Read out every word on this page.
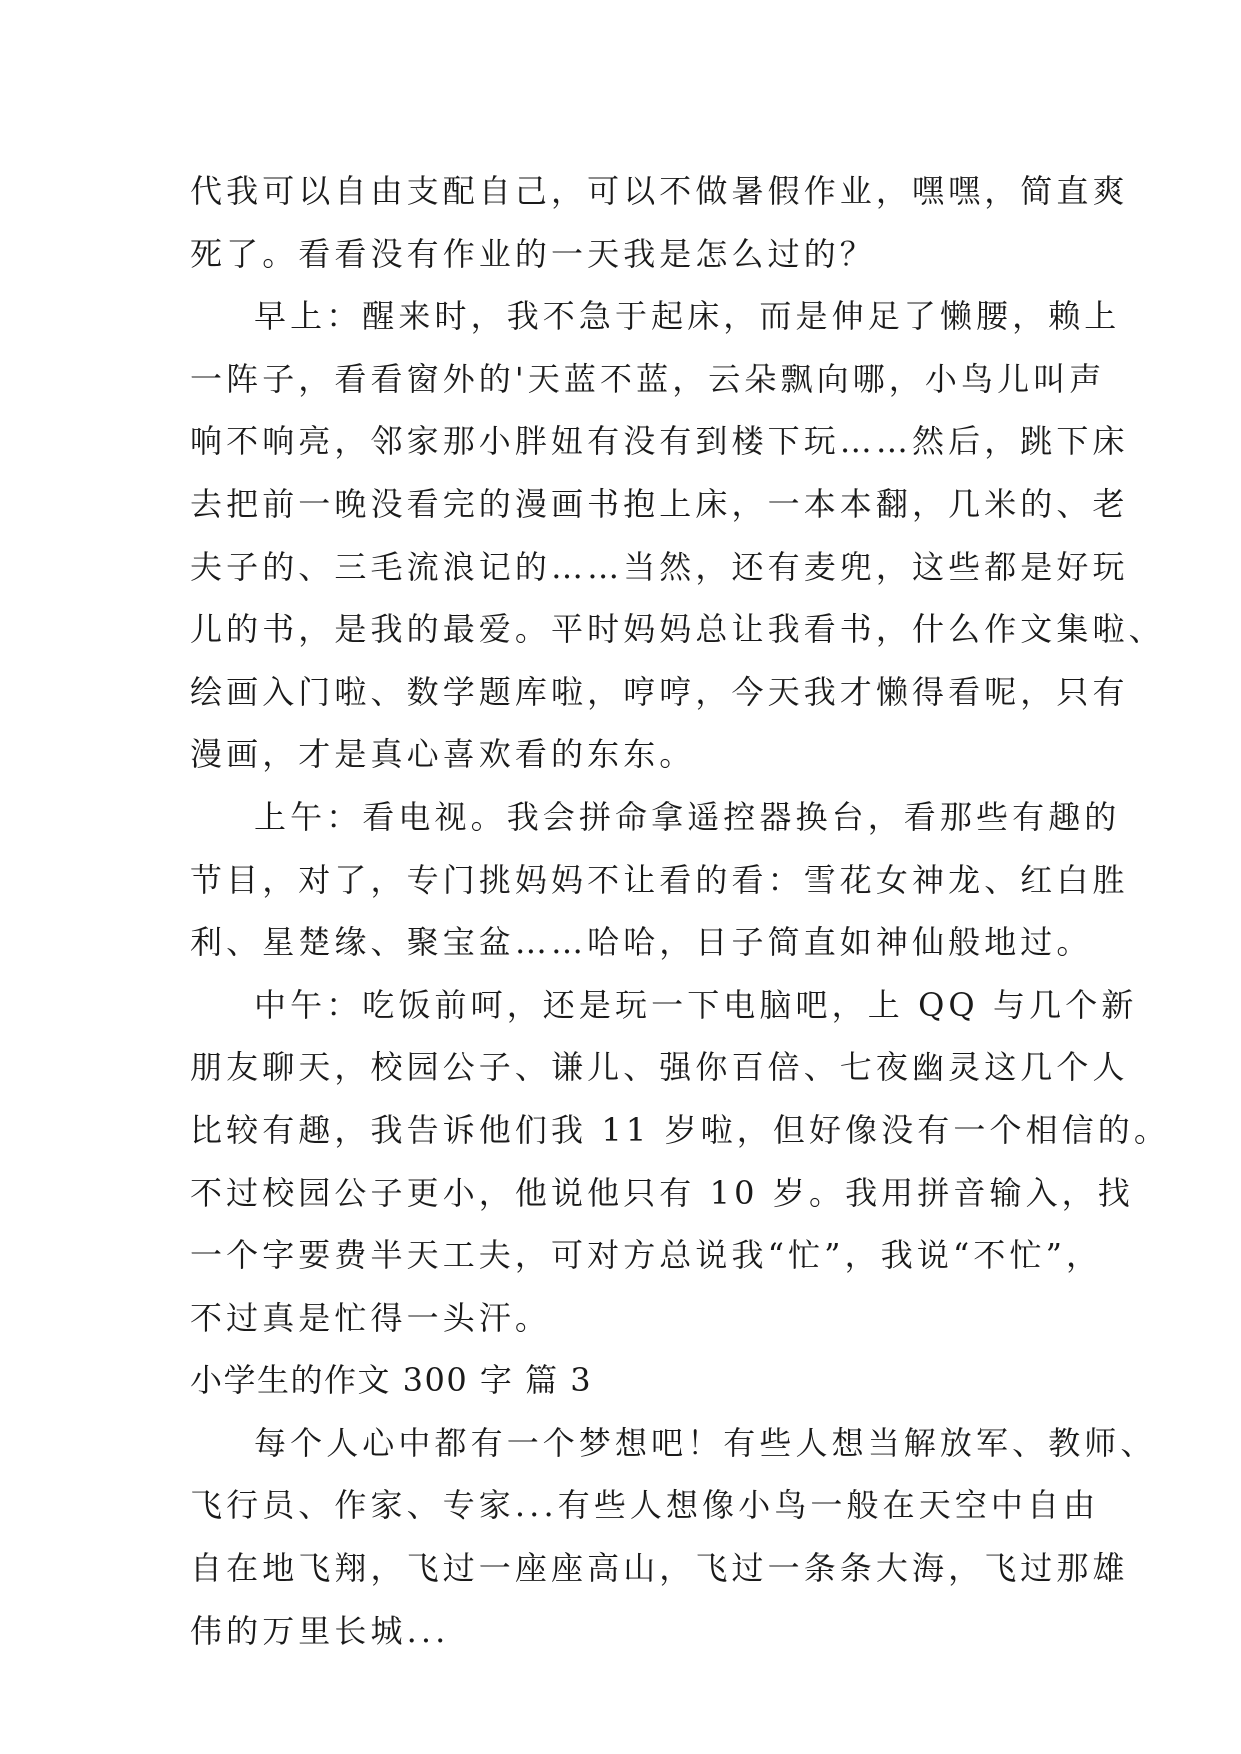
代我可以自由支配自己，可以不做暑假作业，嘿嘿，简直爽
死了。看看没有作业的一天我是怎么过的？
早上：醒来时，我不急于起床，而是伸足了懒腰，赖上
一阵子，看看窗外的'天蓝不蓝，云朵飘向哪，小鸟儿叫声
响不响亮，邻家那小胖妞有没有到楼下玩……然后，跳下床
去把前一晚没看完的漫画书抱上床，一本本翻，几米的、老
夫子的、三毛流浪记的……当然，还有麦兜，这些都是好玩
儿的书，是我的最爱。平时妈妈总让我看书，什么作文集啦、
绘画入门啦、数学题库啦，哼哼，今天我才懒得看呢，只有
漫画，才是真心喜欢看的东东。
上午：看电视。我会拼命拿遥控器换台，看那些有趣的
节目，对了，专门挑妈妈不让看的看：雪花女神龙、红白胜
利、星楚缘、聚宝盆……哈哈，日子简直如神仙般地过。
中午：吃饭前呵，还是玩一下电脑吧，上 QQ 与几个新
朋友聊天，校园公子、谦儿、强你百倍、七夜幽灵这几个人
比较有趣，我告诉他们我 11 岁啦，但好像没有一个相信的。
不过校园公子更小，他说他只有 10 岁。我用拼音输入，找
一个字要费半天工夫，可对方总说我“忙”，我说“不忙”，
不过真是忙得一头汗。
小学生的作文 300 字 篇 3
每个人心中都有一个梦想吧！有些人想当解放军、教师、
飞行员、作家、专家...有些人想像小鸟一般在天空中自由
自在地飞翔，飞过一座座高山，飞过一条条大海，飞过那雄
伟的万里长城...
